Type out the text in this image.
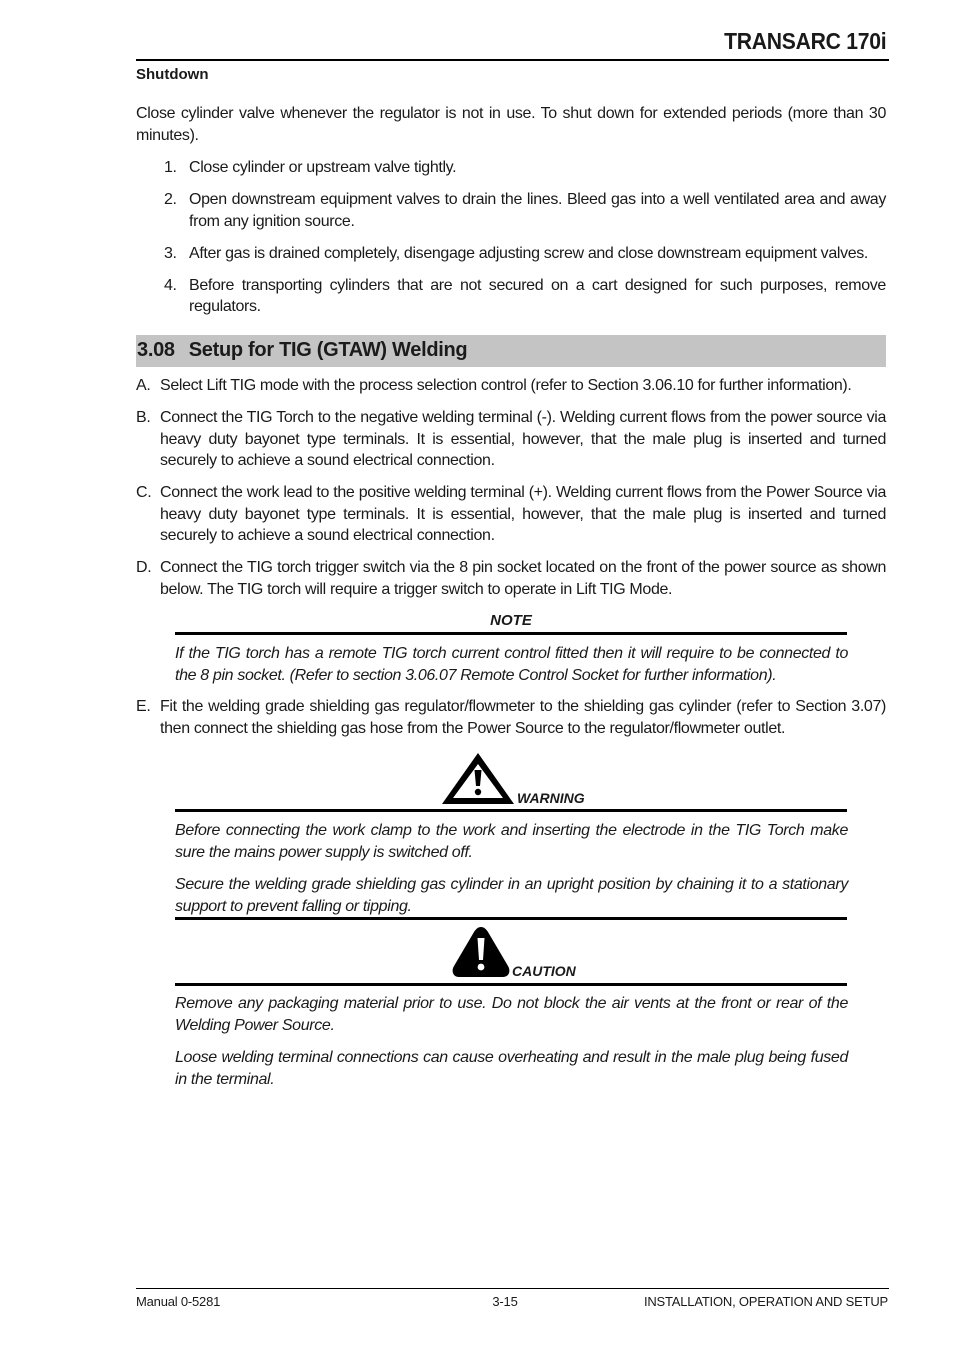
TRANSARC 170i
Shutdown
Close cylinder valve whenever the regulator is not in use. To shut down for extended periods (more than 30 minutes).
1. Close cylinder or upstream valve tightly.
2. Open downstream equipment valves to drain the lines. Bleed gas into a well ventilated area and away from any ignition source.
3. After gas is drained completely, disengage adjusting screw and close downstream equipment valves.
4. Before transporting cylinders that are not secured on a cart designed for such purposes, remove regulators.
3.08 Setup for TIG (GTAW) Welding
A. Select Lift TIG mode with the process selection control (refer to Section 3.06.10 for further information).
B. Connect the TIG Torch to the negative welding terminal (-). Welding current flows from the power source via heavy duty bayonet type terminals. It is essential, however, that the male plug is inserted and turned securely to achieve a sound electrical connection.
C. Connect the work lead to the positive welding terminal (+). Welding current flows from the Power Source via heavy duty bayonet type terminals. It is essential, however, that the male plug is inserted and turned securely to achieve a sound electrical connection.
D. Connect the TIG torch trigger switch via the 8 pin socket located on the front of the power source as shown below. The TIG torch will require a trigger switch to operate in Lift TIG Mode.
NOTE
If the TIG torch has a remote TIG torch current control fitted then it will require to be connected to the 8 pin socket. (Refer to section 3.06.07 Remote Control Socket for further information).
E. Fit the welding grade shielding gas regulator/flowmeter to the shielding gas cylinder (refer to Section 3.07) then connect the shielding gas hose from the Power Source to the regulator/flowmeter outlet.
WARNING
Before connecting the work clamp to the work and inserting the electrode in the TIG Torch make sure the mains power supply is switched off.
Secure the welding grade shielding gas cylinder in an upright position by chaining it to a stationary support to prevent falling or tipping.
CAUTION
Remove any packaging material prior to use. Do not block the air vents at the front or rear of the Welding Power Source.
Loose welding terminal connections can cause overheating and result in the male plug being fused in the terminal.
Manual 0-5281	3-15	INSTALLATION, OPERATION AND SETUP
